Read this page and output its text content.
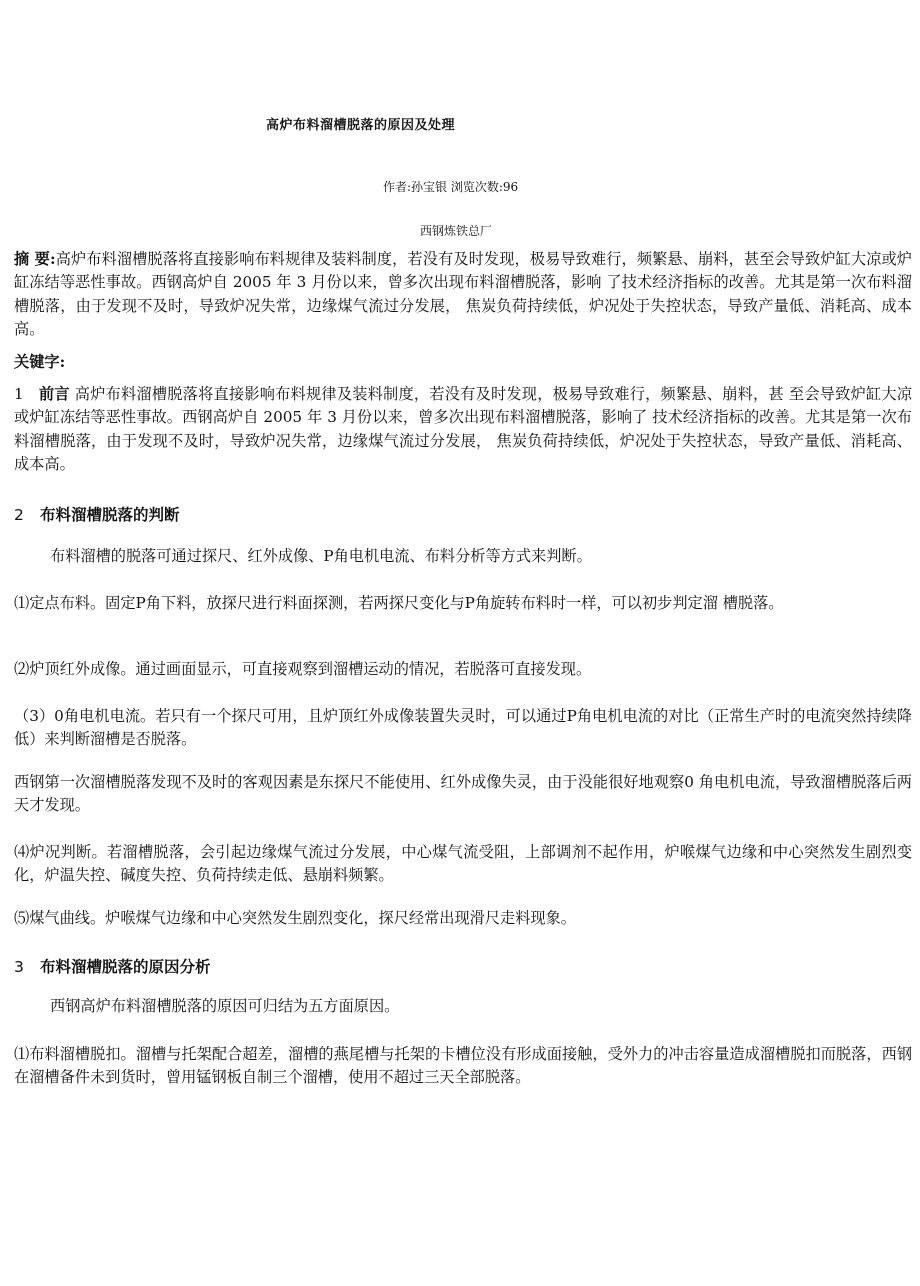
高炉布料溜槽脱落的原因及处理
作者:孙宝银 浏览次数:96
西钢炼铁总厂
摘 要:高炉布料溜槽脱落将直接影响布料规律及装料制度，若没有及时发现，极易导致难行，频繁悬、崩料，甚至会导致炉缸大凉或炉缸冻结等恶性事故。西钢高炉自 2005 年 3 月份以来，曾多次出现布料溜槽脱落，影响 了技术经济指标的改善。尤其是第一次布料溜槽脱落，由于发现不及时，导致炉况失常，边缘煤气流过分发展， 焦炭负荷持续低，炉况处于失控状态，导致产量低、消耗高、成本高。
关键字:
1 前言 高炉布料溜槽脱落将直接影响布料规律及装料制度，若没有及时发现，极易导致难行，频繁悬、崩料，甚 至会导致炉缸大凉或炉缸冻结等恶性事故。西钢高炉自 2005 年 3 月份以来，曾多次出现布料溜槽脱落，影响了 技术经济指标的改善。尤其是第一次布料溜槽脱落，由于发现不及时，导致炉况失常，边缘煤气流过分发展， 焦炭负荷持续低，炉况处于失控状态，导致产量低、消耗高、成本高。
2 布料溜槽脱落的判断
布料溜槽的脱落可通过探尺、红外成像、P角电机电流、布料分析等方式来判断。
⑴定点布料。固定P角下料，放探尺进行料面探测，若两探尺变化与P角旋转布料时一样，可以初步判定溜 槽脱落。
⑵炉顶红外成像。通过画面显示，可直接观察到溜槽运动的情况，若脱落可直接发现。
（3）0角电机电流。若只有一个探尺可用，且炉顶红外成像装置失灵时，可以通过P角电机电流的对比（正常生产时的电流突然持续降低）来判断溜槽是否脱落。
西钢第一次溜槽脱落发现不及时的客观因素是东探尺不能使用、红外成像失灵，由于没能很好地观察0 角电机电流，导致溜槽脱落后两天才发现。
⑷炉况判断。若溜槽脱落，会引起边缘煤气流过分发展，中心煤气流受阻，上部调剂不起作用，炉喉煤气边缘和中心突然发生剧烈变化，炉温失控、碱度失控、负荷持续走低、悬崩料频繁。
⑸煤气曲线。炉喉煤气边缘和中心突然发生剧烈变化，探尺经常出现滑尺走料现象。
3 布料溜槽脱落的原因分析
西钢高炉布料溜槽脱落的原因可归结为五方面原因。
⑴布料溜槽脱扣。溜槽与托架配合超差，溜槽的燕尾槽与托架的卡槽位没有形成面接触，受外力的冲击容量造成溜槽脱扣而脱落，西钢在溜槽备件未到货时，曾用锰钢板自制三个溜槽，使用不超过三天全部脱落。
